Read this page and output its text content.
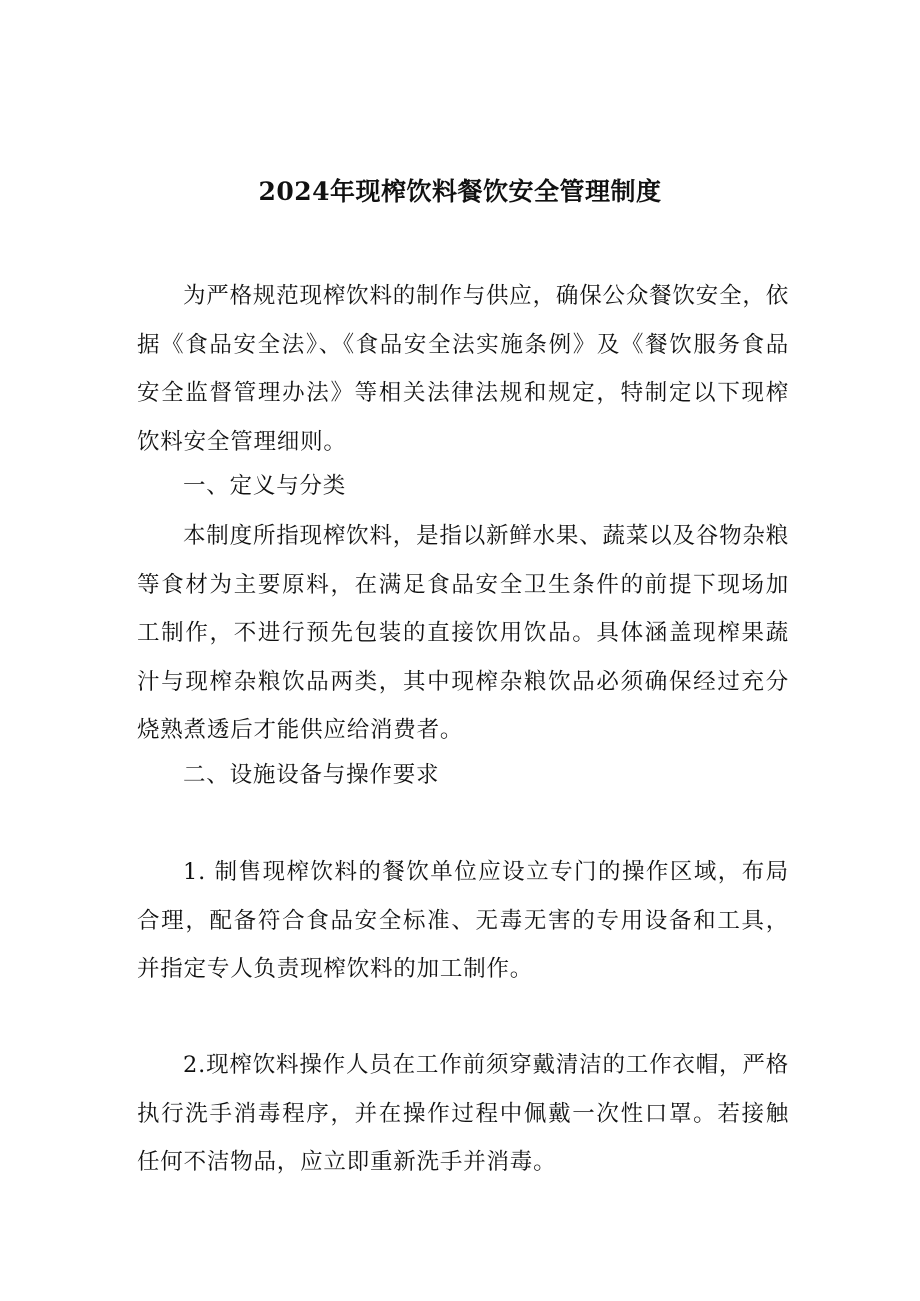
2024年现榨饮料餐饮安全管理制度
为严格规范现榨饮料的制作与供应，确保公众餐饮安全，依据《食品安全法》、《食品安全法实施条例》及《餐饮服务食品安全监督管理办法》等相关法律法规和规定，特制定以下现榨饮料安全管理细则。
一、定义与分类
本制度所指现榨饮料，是指以新鲜水果、蔬菜以及谷物杂粮等食材为主要原料，在满足食品安全卫生条件的前提下现场加工制作，不进行预先包装的直接饮用饮品。具体涵盖现榨果蔬汁与现榨杂粮饮品两类，其中现榨杂粮饮品必须确保经过充分烧熟煮透后才能供应给消费者。
二、设施设备与操作要求
1. 制售现榨饮料的餐饮单位应设立专门的操作区域，布局合理，配备符合食品安全标准、无毒无害的专用设备和工具，并指定专人负责现榨饮料的加工制作。
2.现榨饮料操作人员在工作前须穿戴清洁的工作衣帽，严格执行洗手消毒程序，并在操作过程中佩戴一次性口罩。若接触任何不洁物品，应立即重新洗手并消毒。
